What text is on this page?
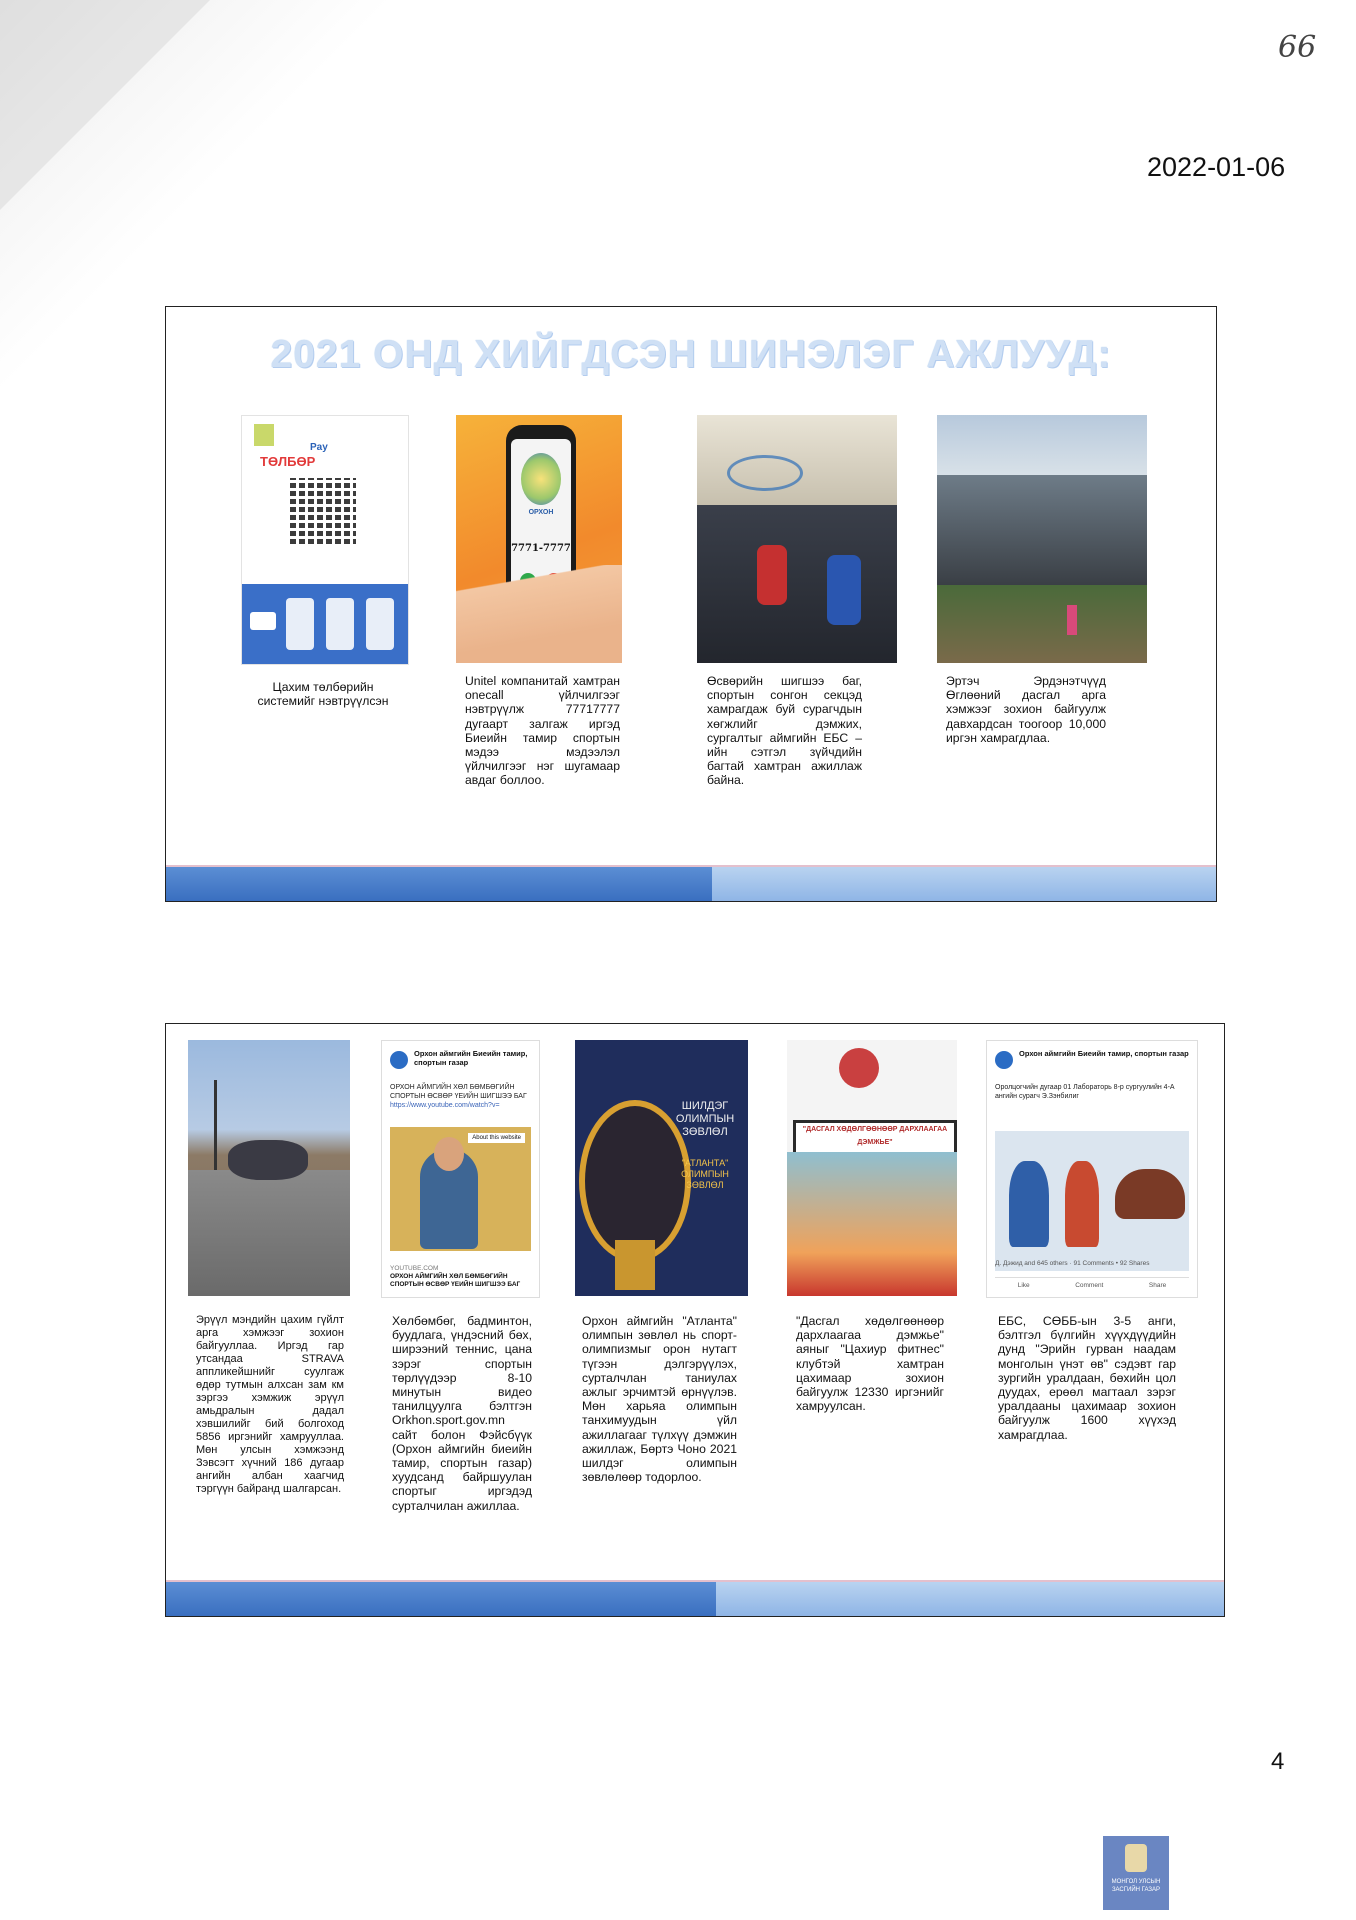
66
2022-01-06
2021 ОНД ХИЙГДСЭН ШИНЭЛЭГ АЖЛУУД:
Pay
ТӨЛБӨР
ОРХОН
7771-7777
Цахим төлбөрийн системийг нэвтрүүлсэн
Unitel компанитай хамтран onecall үйлчилгээг нэвтрүүлж 77717777 дугаарт залгаж иргэд Биеийн тамир спортын мэдээ мэдээлэл үйлчилгээг нэг шугамаар авдаг боллоо.
Өсвөрийн шигшээ баг, спортын сонгон секцэд хамрагдаж буй сурагчдын хөгжлийг дэмжих, сургалтыг аймгийн ЕБС –ийн сэтгэл зүйчдийн багтай хамтран ажиллаж байна.
Эртэч Эрдэнэтчүүд Өглөөний дасгал арга хэмжээг зохион байгуулж давхардсан тоогоор 10,000 иргэн хамрагдлаа.
Орхон аймгийн Биеийн тамир, спортын газар
ОРХОН АЙМГИЙН ХӨЛ БӨМБӨГИЙН СПОРТЫН ӨСВӨР ҮЕИЙН ШИГШЭЭ БАГ
https://www.youtube.com/watch?v=
About this website
YOUTUBE.COM
ОРХОН АЙМГИЙН ХӨЛ БӨМБӨГИЙН СПОРТЫН ӨСВӨР ҮЕИЙН ШИГШЭЭ БАГ
ШИЛДЭГ ОЛИМПЫН ЗӨВЛӨЛ
"АТЛАНТА" ОЛИМПЫН ЗӨВЛӨЛ
"ДАСГАЛ ХӨДӨЛГӨӨНӨӨР ДАРХЛААГАА ДЭМЖЬЕ"
Орхон аймгийн Биеийн тамир, спортын газар
Оролцогчийн дугаар 01 Лабораторь 8-р сургуулийн 4-А ангийн сурагч Э.Зэнбилиг
Д. Дэжид and 645 others · 91 Comments • 92 Shares
Like	Comment	Share
Эрүүл мэндийн цахим гүйлт арга хэмжээг зохион байгууллаа. Иргэд гар утсандаа STRAVA аппликейшнийг суулгаж өдөр тутмын алхсан зам км зэргээ хэмжиж эрүүл амьдралын дадал хэвшилийг бий болгоход 5856 иргэнийг хамрууллаа. Мөн улсын хэмжээнд Зэвсэгт хүчний 186 дугаар ангийн албан хаагчид тэргүүн байранд шалгарсан.
Хөлбөмбөг, бадминтон, буудлага, үндэсний бөх, ширээний теннис, цана зэрэг спортын төрлүүдээр 8-10 минутын видео танилцуулга бэлтгэн Orkhon.sport.gov.mn сайт болон Фэйсбүүк (Орхон аймгийн биеийн тамир, спортын газар) хуудсанд байршуулан спортыг иргэдэд сурталчилан ажиллаа.
Орхон аймгийн "Атланта" олимпын зөвлөл нь спорт-олимпизмыг орон нутагт түгээн дэлгэрүүлэх, сурталчлан таниулах ажлыг эрчимтэй өрнүүлэв. Мөн харьяа олимпын танхимуудын үйл ажиллагааг түлхүү дэмжин ажиллаж, Бөртэ Чоно 2021 шилдэг олимпын зөвлөлөөр тодорлоо.
"Дасгал хөдөлгөөнөөр дархлаагаа дэмжье" аяныг "Цахиур фитнес" клубтэй хамтран цахимаар зохион байгуулж 12330 иргэнийг хамруулсан.
ЕБС, СӨББ-ын 3-5 анги, бэлтгэл бүлгийн хүүхдүүдийн дунд "Эрийн гурван наадам монголын үнэт өв" сэдэвт гар зургийн уралдаан, бөхийн цол дуудах, ерөөл магтаал зэрэг уралдааны цахимаар зохион байгуулж 1600 хүүхэд хамрагдлаа.
4
МОНГОЛ УЛСЫН ЗАСГИЙН ГАЗАР
